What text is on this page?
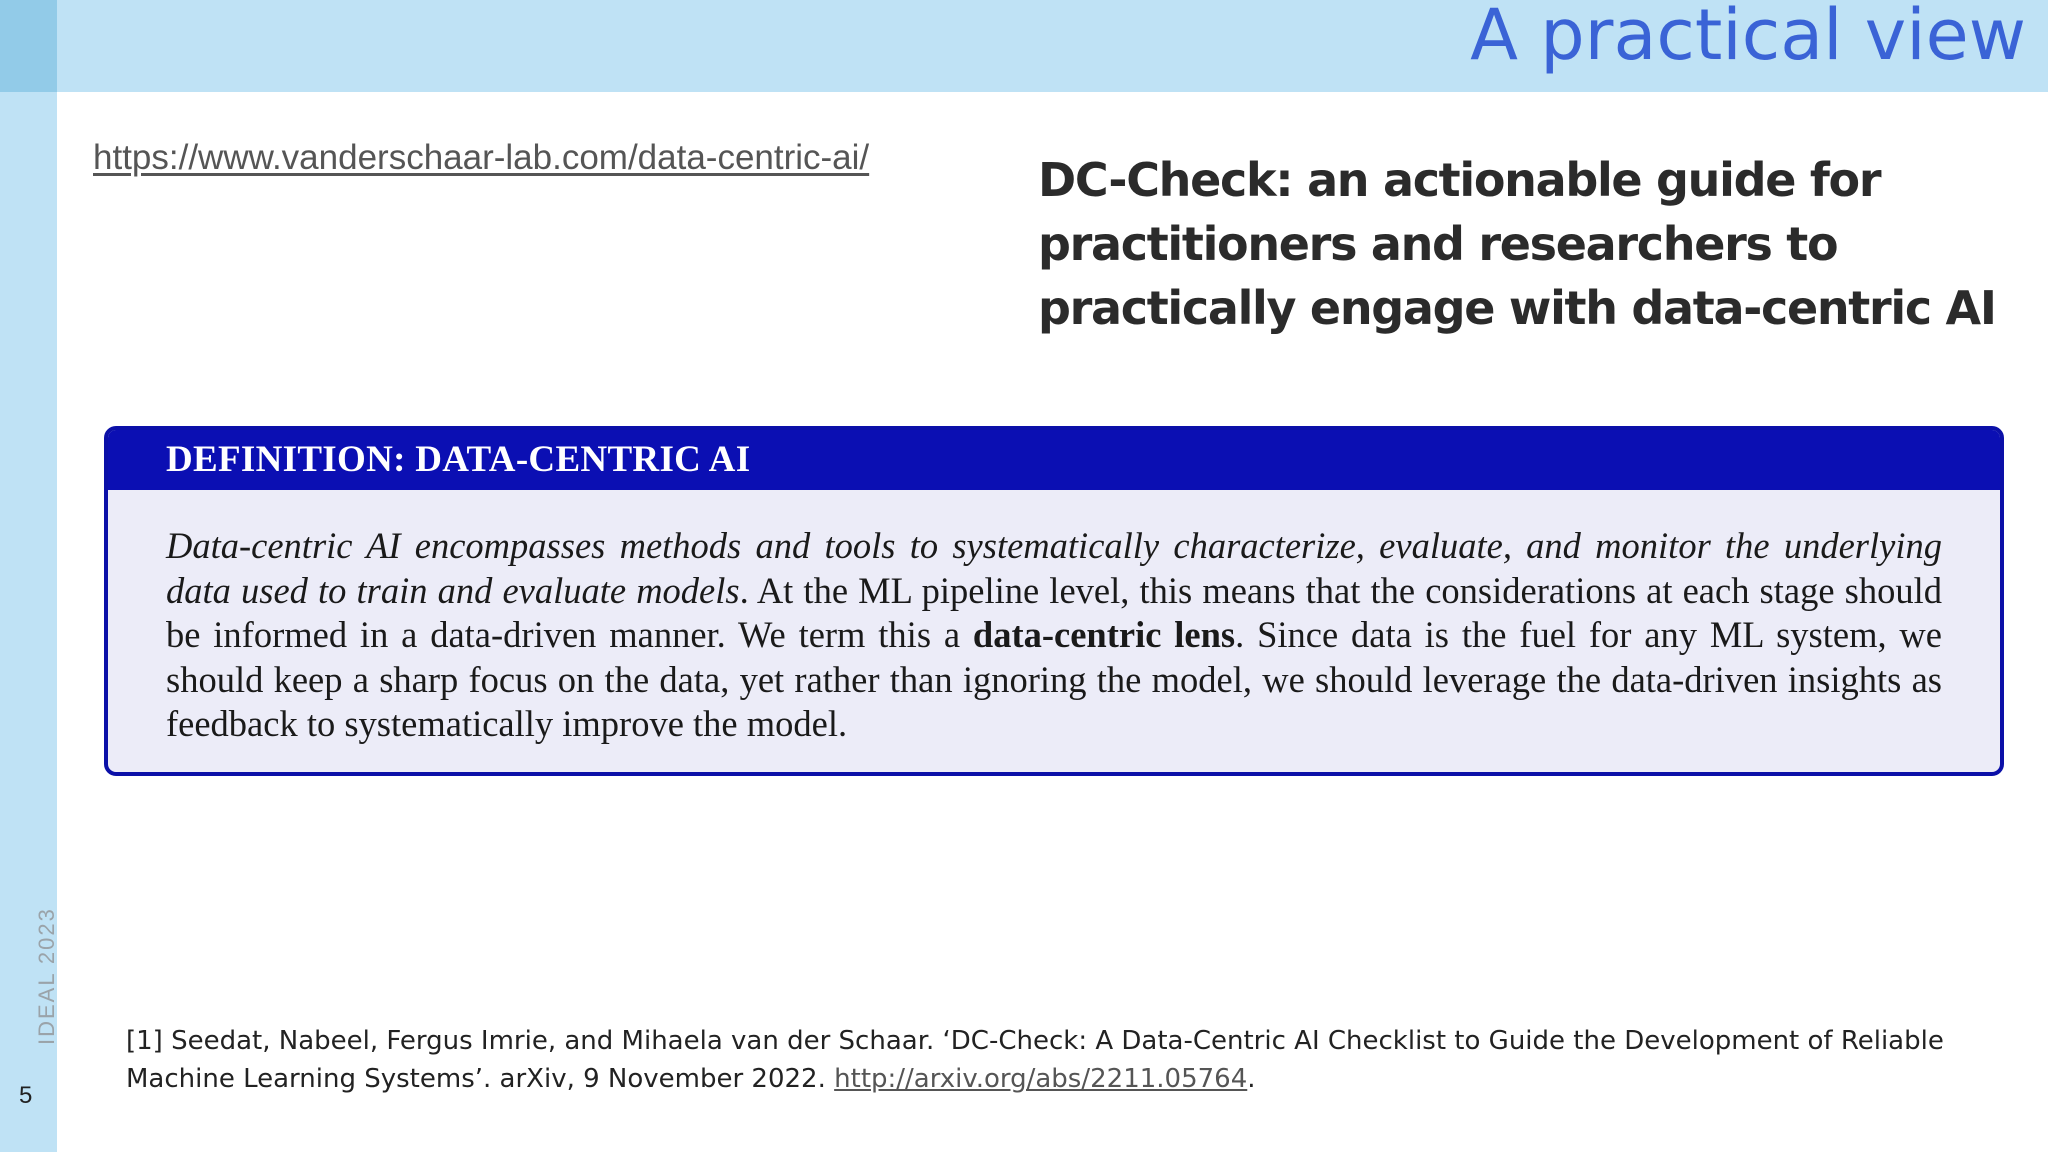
A practical view
IDEAL 2023
5
https://www.vanderschaar-lab.com/data-centric-ai/	DC-Check: an actionable guide for practitioners and researchers to practically engage with data-centric AI
DEFINITION: DATA-CENTRIC AI
Data-centric AI encompasses methods and tools to systematically characterize, evaluate, and monitor the underlying data used to train and evaluate models. At the ML pipeline level, this means that the considerations at each stage should be informed in a data-driven manner. We term this a data-centric lens. Since data is the fuel for any ML system, we should keep a sharp focus on the data, yet rather than ignoring the model, we should leverage the data-driven insights as feedback to systematically improve the model.
[1] Seedat, Nabeel, Fergus Imrie, and Mihaela van der Schaar. ‘DC-Check: A Data-Centric AI Checklist to Guide the Development of Reliable Machine Learning Systems’. arXiv, 9 November 2022. http://arxiv.org/abs/2211.05764.
